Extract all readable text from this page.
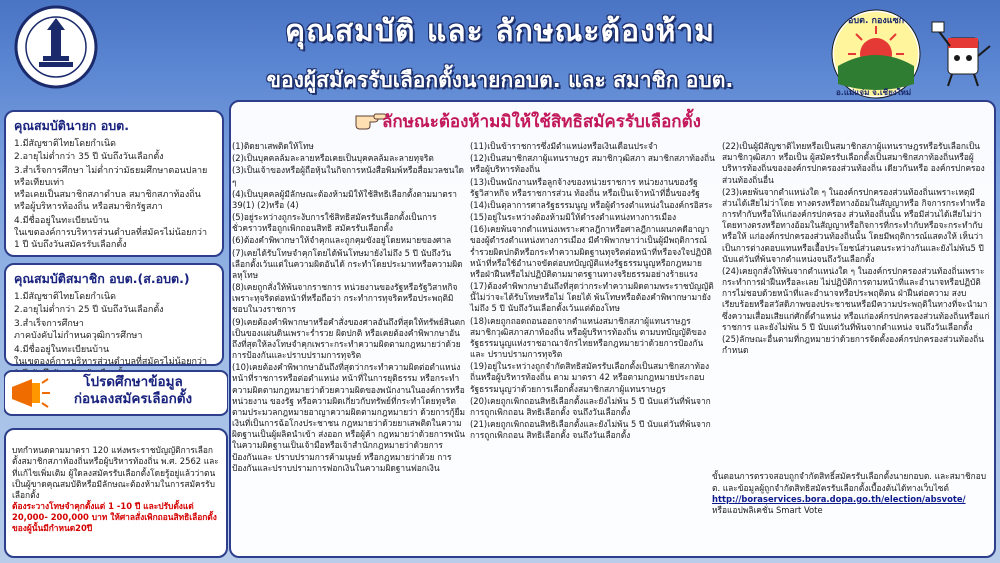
คุณสมบัติ และ ลักษณะต้องห้าม
ของผู้สมัครรับเลือกตั้งนายกอบต. และ สมาชิก อบต.
อบต. กองแซก
อ.แม่แจ่ม จ.เชียงใหม่
คุณสมบัตินายก อบต.
1.มีสัญชาติไทยโดยกำเนิด
2.อายุไม่ต่ำกว่า 35 ปี นับถึงวันเลือกตั้ง
3.สำเร็จการศึกษา ไม่ต่ำกว่ามัธยมศึกษาตอนปลาย หรือเทียบเท่า
หรือเคยเป็นสมาชิกสภาตำบล สมาชิกสภาท้องถิ่น หรือผู้บริหารท้องถิ่น หรือสมาชิกรัฐสภา
4.มีชื่ออยู่ในทะเบียนบ้าน
ในเขตองค์การบริหารส่วนตำบลที่สมัครไม่น้อยกว่า 1 ปี นับถึงวันสมัครรับเลือกตั้ง
คุณสมบัติสมาชิก อบต.(ส.อบต.)
1.มีสัญชาติไทยโดยกำเนิด
2.อายุไม่ต่ำกว่า 25 ปี นับถึงวันเลือกตั้ง
3.สำเร็จการศึกษา
ภาคบังคับไม่กำหนดวุฒิการศึกษา
4.มีชื่ออยู่ในทะเบียนบ้าน
ในเขตองค์การบริหารส่วนตำบลที่สมัครไม่น้อยกว่า
โปรดศึกษาข้อมูล
ก่อนลงสมัครเลือกตั้ง

บทกำหนดตามมาตรา 120 แห่งพระราชบัญญัติการเลือกตั้งสมาชิกสภาท้องถิ่นหรือผู้บริหารท้องถิ่น พ.ศ. 2562 และที่แก้ไขเพิ่มเติม ผู้ใดลงสมัครรับเลือกตั้งโดยรู้อยู่แล้วว่าตนเป็นผู้ขาดคุณสมบัติหรือมีลักษณะต้องห้ามในการสมัครรับเลือกตั้ง
ต้องระวางโทษจำคุกตั้งแต่ 1 -10 ปี และปรับตั้งแต่ 20,000- 200,000 บาท ให้ศาลสั่งเพิกถอนสิทธิเลือกตั้งของผู้นั้นมีกำหนด20ปี

ลักษณะต้องห้ามมิให้ใช้สิทธิสมัครรับเลือกตั้ง
(1)ติดยาเสพติดให้โทษ
(2)เป็นบุคคลล้มละลายหรือเคยเป็นบุคคลล้มละลายทุจริต
(3)เป็นเจ้าของหรือผู้ถือหุ้นในกิจการหนังสือพิมพ์หรือสื่อมวลชนใด ๆ
(4)เป็นบุคคลผู้มีลักษณะต้องห้ามมิให้ใช้สิทธิเลือกตั้งตามมาตรา 39(1) (2)หรือ (4)
(5)อยู่ระหว่างถูกระงับการใช้สิทธิสมัครรับเลือกตั้งเป็นการชั่วคราวหรือถูกเพิกถอนสิทธิ สมัครรับเลือกตั้ง
(6)ต้องคำพิพากษาให้จำคุกและถูกคุมขังอยู่โดยหมายของศาล
(7)เคยได้รับโทษจำคุกโดยได้พ้นโทษมายังไม่ถึง 5 ปี นับถึงวันเลือกตั้งเว้นแต่ในความผิดอันได้ กระทำโดยประมาทหรือความผิดลหุโทษ
(8)เคยถูกสั่งให้พ้นจากราชการ หน่วยงานของรัฐหรือรัฐวิสาหกิจเพราะทุจริตต่อหน้าที่หรือถือว่า กระทำการทุจริตหรือประพฤติมิชอบในวงราชการ
(9)เคยต้องคำพิพากษาหรือคำสั่งของศาลอันถึงที่สุดให้ทรัพย์สินตกเป็นของแผ่นดินเพราะร่ำรวย ผิดปกติ หรือเคยต้องคำพิพากษาอันถึงที่สุดให้ลงโทษจำคุกเพราะกระทำความผิดตามกฎหมายว่าด้วย การป้องกันและปราบปรามการทุจริต
(10)เคยต้องคำพิพากษาอันถึงที่สุดว่ากระทำความผิดต่อตำแหน่งหน้าที่ราชการหรือต่อตำแหน่ง หน้าที่ในการยุติธรรม หรือกระทำความผิดตามกฎหมายว่าด้วยความผิดของพนักงานในองค์การหรือหน่วยงาน ของรัฐ หรือความผิดเกี่ยวกับทรัพย์ที่กระทำโดยทุจริตตามประมวลกฎหมายอาญาความผิดตามกฎหมายว่า ด้วยการกู้ยืมเงินที่เป็นการฉ้อโกงประชาชน กฎหมายว่าด้วยยาเสพติดในความผิดฐานเป็นผู้ผลิตนำเข้า ส่งออก หรือผู้ค้า กฎหมายว่าด้วยการพนันในความผิดฐานเป็นเจ้ามือหรือเจ้าสำนักกฎหมายว่าด้วยการป้องกันและ ปราบปรามการค้ามนุษย์ หรือกฎหมายว่าด้วย การป้องกันและปราบปรามการฟอกเงินในความผิดฐานฟอกเงิน
(11)เป็นข้าราชการซึ่งมีตำแหน่งหรือเงินเดือนประจำ
(12)เป็นสมาชิกสภาผู้แทนราษฎร สมาชิกวุฒิสภา สมาชิกสภาท้องถิ่นหรือผู้บริหารท้องถิ่น
(13)เป็นพนักงานหรือลูกจ้างของหน่วยราชการ หน่วยงานของรัฐรัฐวิสาหกิจ หรือราชการส่วน ท้องถิ่น หรือเป็นเจ้าหน้าที่อื่นของรัฐ
(14)เป็นตุลาการศาลรัฐธรรมนูญ หรือผู้ดำรงตำแหน่งในองค์กรอิสระ
(15)อยู่ในระหว่างต้องห้ามมิให้ดำรงตำแหน่งทางการเมือง
(16)เคยพ้นจากตำแหน่งเพราะศาลฎีกาหรือศาลฎีกาแผนกคดีอาญาของผู้ดำรงตำแหน่งทางการเมือง มีคำพิพากษาว่าเป็นผู้มีพฤติการณ์ร่ำรวยผิดปกติหรือกระทำความผิดฐานทุจริตต่อหน้าที่หรือจงใจปฏิบัติ หน้าที่หรือใช้อำนาจขัดต่อบทบัญญัติแห่งรัฐธรรมนูญหรือกฎหมาย หรือฝ่าฝืนหรือไม่ปฏิบัติตามมาตรฐานทางจริยธรรมอย่างร้ายแรง
(17)ต้องคำพิพากษาอันถึงที่สุดว่ากระทำความผิดตามพระราชบัญญัตินี้ไม่ว่าจะได้รับโทษหรือไม่ โดยได้ พ้นโทษหรือต้องคำพิพากษามายังไม่ถึง 5 ปี นับถึงวันเลือกตั้งเว้นแต่ต้องโทษ
(18)เคยถูกถอดถอนออกจากตำแหน่งสมาชิกสภาผู้แทนราษฎรสมาชิกวุฒิสภาสภาท้องถิ่น หรือผู้บริหารท้องถิ่น ตามบทบัญญัติของรัฐธรรมนูญแห่งราชอาณาจักรไทยหรือกฎหมายว่าด้วยการป้องกันและ ปราบปรามการทุจริต
(19)อยู่ในระหว่างถูกจำกัดสิทธิสมัครรับเลือกตั้งเป็นสมาชิกสภาท้องถิ่นหรือผู้บริหารท้องถิ่น ตาม มาตรา 42 หรือตามกฎหมายประกอบรัฐธรรมนูญว่าด้วยการเลือกตั้งสมาชิกสภาผู้แทนราษฎร
(20)เคยถูกเพิกถอนสิทธิเลือกตั้งและยังไม่พ้น 5 ปี นับแต่วันที่พ้นจากการถูกเพิกถอน สิทธิเลือกตั้ง จนถึงวันเลือกตั้ง
(21)เคยถูกเพิกถอนสิทธิเลือกตั้งและยังไม่พ้น 5 ปี นับแต่วันที่พ้นจากการถูกเพิกถอน สิทธิเลือกตั้ง จนถึงวันเลือกตั้ง
(22)เป็นผู้มีสัญชาติไทยหรือเป็นสมาชิกสภาผู้แทนราษฎรหรือรับเลือกเป็นสมาชิกวุฒิสภา หรือเป็น ผู้สมัครรับเลือกตั้งเป็นสมาชิกสภาท้องถิ่นหรือผู้บริหารท้องถิ่นขององค์กรปกครองส่วนท้องถิ่น เดียวกันหรือ องค์กรปกครองส่วนท้องถิ่นอื่น
(23)เคยพ้นจากตำแหน่งใด ๆ ในองค์กรปกครองส่วนท้องถิ่นเพราะเหตุมีส่วนได้เสียไม่ว่าโดย ทางตรงหรือทางอ้อมในสัญญาหรือ กิจการกระทำหรือการทำกับหรือให้แก่องค์กรปกครอง ส่วนท้องถิ่นนั้น หรือมีส่วนได้เสียไม่ว่าโดยทางตรงหรือทางอ้อมในสัญญาหรือกิจการที่กระทำกับหรือจะกระทำกับหรือให้ แก่องค์กรปกครองส่วนท้องถิ่นนั้น โดยมีพฤติการณ์แสดงให้ เห็นว่าเป็นการต่างตอบแทนหรือเอื้อประโยชน์ส่วนตนระหว่างกันและยังไม่พ้น5 ปี นับแต่วันที่พ้นจากตำแหน่งจนถึงวันเลือกตั้ง
(24)เคยถูกสั่งให้พ้นจากตำแหน่งใด ๆ ในองค์กรปกครองส่วนท้องถิ่นเพราะกระทำการฝ่าฝืนหรือละเลย ไม่ปฏิบัติการตามหน้าที่และอำนาจหรือปฏิบัติการไม่ชอบด้วยหน้าที่และอำนาจหรือประพฤติตน ฝ่าฝืนต่อความ สงบเรียบร้อยหรือสวัสดิภาพของประชาชนหรือมีความประพฤติในทางที่จะนำมาซึ่งความเสื่อมเสียแก่ศักดิ์ตำแหน่ง หรือแก่องค์กรปกครองส่วนท้องถิ่นหรือแก่ราชการ และยังไม่พ้น 5 ปี นับแต่วันที่พ้นจากตำแหน่ง จนถึงวันเลือกตั้ง
(25)ลักษณะอื่นตามที่กฎหมายว่าด้วยการจัดตั้งองค์กรปกครองส่วนท้องถิ่นกำหนด

ขั้นตอนการตรวจสอบถูกจำกัดสิทธิ์สมัครรับเลือกตั้งนายกอบต. และสมาชิกอบต. และข้อมูลผู้ถูกจำกัดสิทธิสมัครรับเลือกตั้งเบื้องต้นได้ทางเว็บไซต์
http://boraservices.bora.dopa.go.th/election/absvote/
หรือแอปพลิเคชั่น Smart Vote
